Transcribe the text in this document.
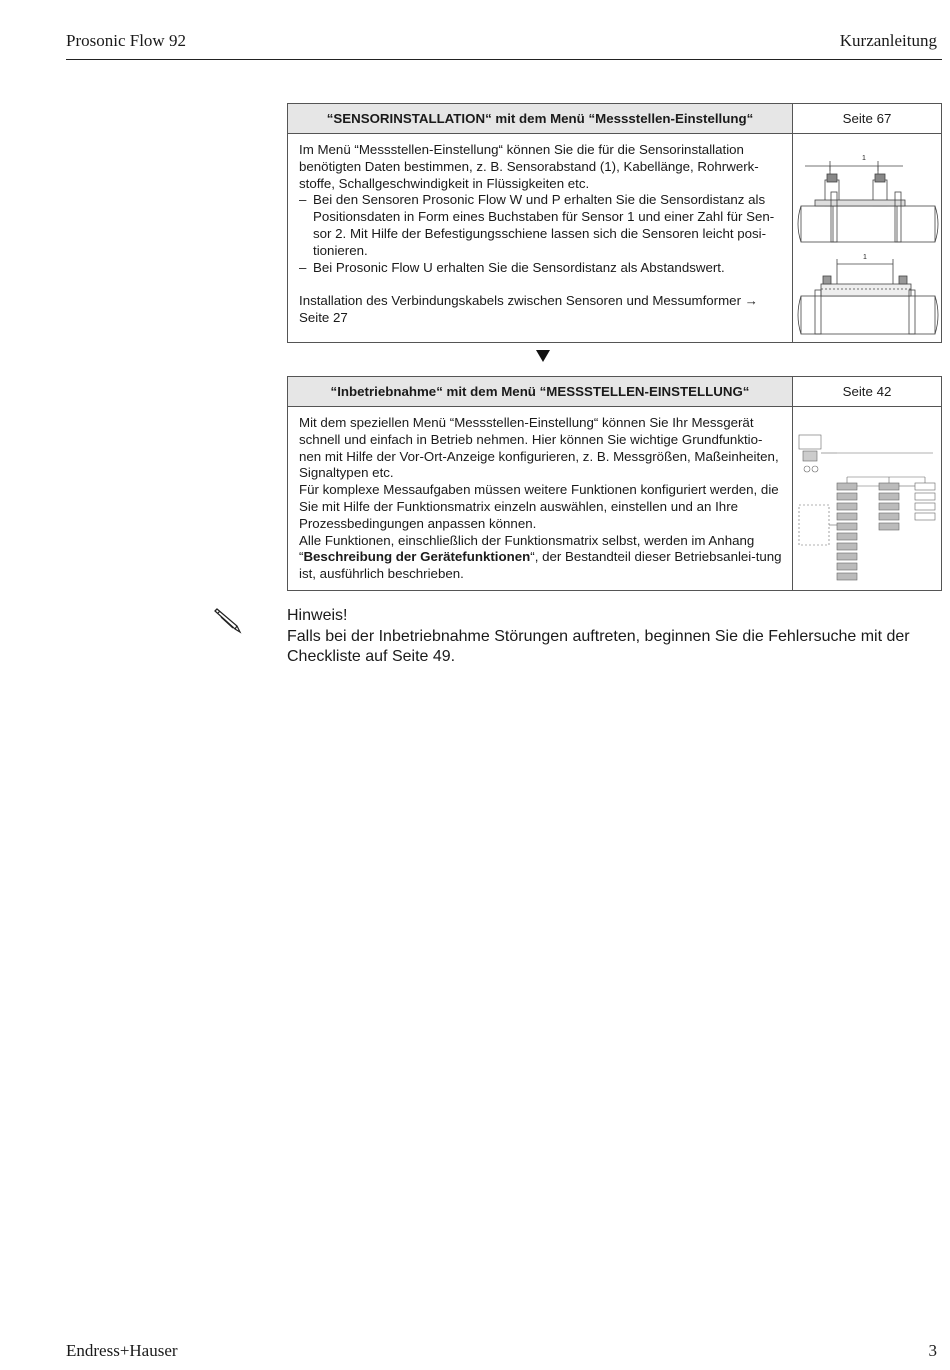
Prosonic Flow 92	Kurzanleitung
“SENSORINSTALLATION“ mit dem Menü “Messstellen-Einstellung“	Seite 67

Im Menü “Messstellen-Einstellung“ können Sie die für die Sensorinstallation benötigten Daten bestimmen, z. B. Sensorabstand (1), Kabellänge, Rohrwerk-stoffe, Schallgeschwindigkeit in Flüssigkeiten etc.

– Bei den Sensoren Prosonic Flow W und P erhalten Sie die Sensordistanz als Positionsdaten in Form eines Buchstaben für Sensor 1 und einer Zahl für Sen-sor 2. Mit Hilfe der Befestigungsschiene lassen sich die Sensoren leicht posi-tionieren.
– Bei Prosonic Flow U erhalten Sie die Sensordistanz als Abstandswert.

Installation des Verbindungskabels zwischen Sensoren und Messumformer →

Seite 27

1
1
“Inbetriebnahme“ mit dem Menü “MESSSTELLEN-EINSTELLUNG“	Seite 42

Mit dem speziellen Menü “Messstellen-Einstellung“ können Sie Ihr Messgerät schnell und einfach in Betrieb nehmen. Hier können Sie wichtige Grundfunktio-nen mit Hilfe der Vor-Ort-Anzeige konfigurieren, z. B. Messgrößen, Maßeinheiten, Signaltypen etc.

Für komplexe Messaufgaben müssen weitere Funktionen konfiguriert werden, die Sie mit Hilfe der Funktionsmatrix einzeln auswählen, einstellen und an Ihre Prozessbedingungen anpassen können.

Alle Funktionen, einschließlich der Funktionsmatrix selbst, werden im Anhang “Beschreibung der Gerätefunktionen“, der Bestandteil dieser Betriebsanlei-tung ist, ausführlich beschrieben.

Hinweis!
Falls bei der Inbetriebnahme Störungen auftreten, beginnen Sie die Fehlersuche mit der Checkliste auf Seite 49.
Endress+Hauser	3
